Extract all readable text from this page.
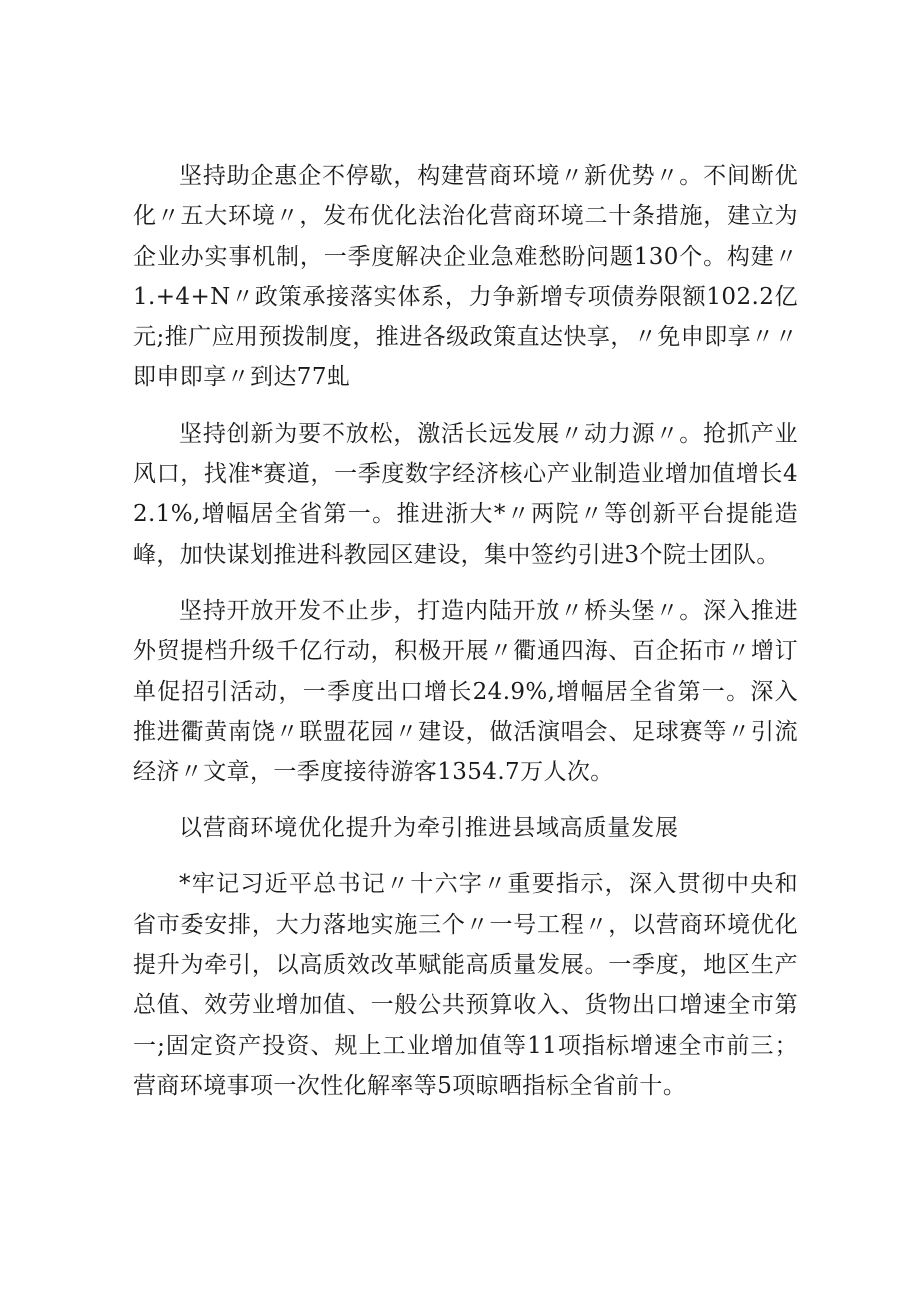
坚持助企惠企不停歇，构建营商环境〃新优势〃。不间断优化〃五大环境〃，发布优化法治化营商环境二十条措施，建立为企业办实事机制，一季度解决企业急难愁盼问题130个。构建〃1.+4+N〃政策承接落实体系，力争新增专项债券限额102.2亿元;推广应用预拨制度，推进各级政策直达快享，〃免申即享〃〃即申即享〃到达77虬

坚持创新为要不放松，激活长远发展〃动力源〃。抢抓产业风口，找准*赛道，一季度数字经济核心产业制造业增加值增长42.1%,增幅居全省第一。推进浙大*〃两院〃等创新平台提能造峰，加快谋划推进科教园区建设，集中签约引进3个院士团队。

坚持开放开发不止步，打造内陆开放〃桥头堡〃。深入推进外贸提档升级千亿行动，积极开展〃衢通四海、百企拓市〃增订单促招引活动，一季度出口增长24.9%,增幅居全省第一。深入推进衢黄南饶〃联盟花园〃建设，做活演唱会、足球赛等〃引流经济〃文章，一季度接待游客1354.7万人次。

以营商环境优化提升为牵引推进县域高质量发展

*牢记习近平总书记〃十六字〃重要指示，深入贯彻中央和省市委安排，大力落地实施三个〃一号工程〃，以营商环境优化提升为牵引，以高质效改革赋能高质量发展。一季度，地区生产总值、效劳业增加值、一般公共预算收入、货物出口增速全市第一;固定资产投资、规上工业增加值等11项指标增速全市前三；营商环境事项一次性化解率等5项晾晒指标全省前十。
